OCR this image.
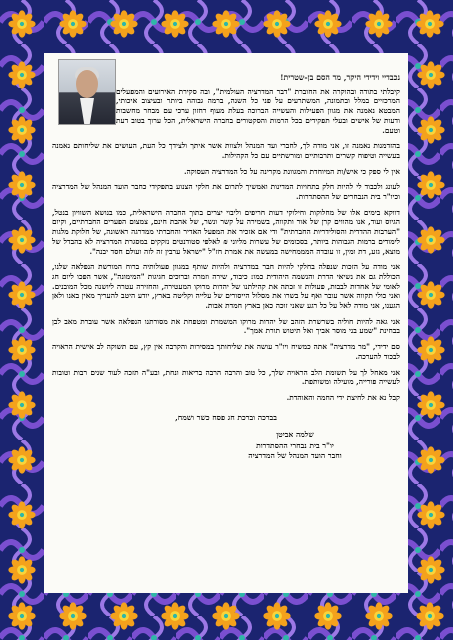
נכבדיי וידידי היקר, מר הסם בן-שטרית!

קיבלתי בתודה ובהוקרה את החוברת "דבר המדרציה העולמית", ובה סקירת האירועים והמפעלים המרכזיים במלל ובתמונה, המשתרעים על פני כל השנה, ברמה גבוהה ביותר ובעיצוב איכותי, המבטא נאמנה את מגוון הפעילות והעשייה הברוכה בעלת מעוף רחזון ערכי עם מבחר מחשבות ודעות של אישים ובעלי תפקידים בכל הרמות והסקטורים בחברה הישראלית, הכל ערוך בטוב דעת וטעם.

בהזדמנות נאמנה זו, אני מודה לך, לחברי ועד המנהל ולצוות אשר איתך ולצידך כל העת, העושים את שליחותם נאמנה בעשייה וטיפוח קשרים ותרבותיים ומורשתיים עם כל הקהילות.

אין לי ספק כי איש/ות המיוחדת והמגוונת מקרינה על כל המדרציה העסוקה.

לעונג ולכבוד לי להיות חלק בתחויות המדינות ואמשיך לתרום את חלקי הצנוע בתפקידי כחבר הועד המנהל של המדרציה וכיו"ר בית הנבחרים של ההסתדרות.

דווקא בימים אלו של מחלוקות וחילוקי דעות חריפים וליבוי יצרים בתוך החברה הישראלית, כמו בנושא השוויון בנטל, הגיוס ועוד, אנו מהווים קרן של אור ותקווה, בשמירה על קשר ונשר, של אהבת חינם, צמצום הפערים החברתיים, וקיום "הערבות ההדדית והסולידריות החברתית" ודי אם אזכיר את המפעל האדיר והחברתי ממדרגה ראשונה, של חלוקת מלגות לימודים ברמות הגבוהות ביותר, בסכומים של עשרות מליוני ₪ לאלפי סטודנטים נזקקים במסגרת המדרציה לא בהבדל של מוצא, גזע, דת ומין, זו עובדה המממחישה במעשה את אמרת חז"ל "ישראל ערבין זה לזה ועולם חסד יבנה".

אני מודה על הזכות שנפלה בחלקי להיות חבר במדרציה ולהיות שותף במגוון פעולותיה ברוח המורשת הנפלאה שלנו, הכוללת גם את נשיאי הדרת והנשמה היהודית כמו: כיבוד, שירה וזמרה וברוכים חגיגות "המימונה", אשר הפכו ליום חג לאומי של אחדות לבבות, פעולות זו זכתה את קהילתנו של יהדות מרוקו המעטירה, והחזירה עטרה ליושנה מכל המובנים. ואני כולי תקווה אשר עובר ואף על בשרו את מסלול הייסורים של עלייה וקליטה בארץ, יודע היטב להעריך מאין באנו ולאן הגענו, אני מודה לאל על כל רגע שאני זוכה כאן בארץ חמדת אבות.

אני גאה להיות חוליה בשרשרת הזהב של יהדות מרוקו המשמרת ומטפחת את מסורתנו הנפלאה אשר עוברת מאב לבן בבחינת "שמע בני מוסר אביך ואל תיטוש תורת אמך".

סם ידידי, "מר מדרציה" אתה כמשיח ויו"ר עושה את שליחותך במסירות והקרבה אין קץ, עם תשוקה לב אישית הראויה לבכוד להערכה.

אני מאחל לך על תשומת הלב הראויה שלך, כל טוב והרבה הרבה בריאות ונחת, ובע"ה תזכה לעוד שנים רבות וטובות לעשייה פורייה, מועילה ומשותפת.

קבל נא את לחיצת ידי החמה והאוהדת.

בברכה וברכת חג פסח כשר ושמח,
שלמה אביטן
יו"ר בית נבחרי ההסתדרות
וחבר הועד המנהל של המדרציה
